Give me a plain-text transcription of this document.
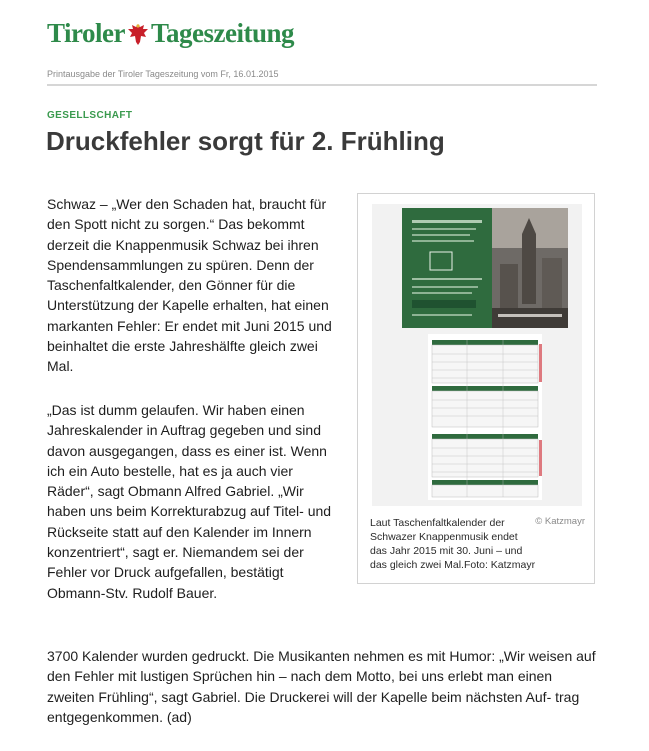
Tiroler Tageszeitung
Printausgabe der Tiroler Tageszeitung vom Fr, 16.01.2015
GESELLSCHAFT
Druckfehler sorgt für 2. Frühling

Schwaz – „Wer den Schaden hat, braucht für den Spott nicht zu sorgen.“ Das bekommt derzeit die Knappenmusik Schwaz bei ihren Spendensammlungen zu spüren. Denn der Taschenfaltkalender, den Gönner für die Unterstützung der Kapelle erhalten, hat einen markanten Fehler: Er endet mit Juni 2015 und beinhaltet die erste Jahreshälfte gleich zwei Mal.

„Das ist dumm gelaufen. Wir haben einen Jahreskalender in Auftrag gegeben und sind davon ausgegangen, dass es einer ist. Wenn ich ein Auto bestelle, hat es ja auch vier Räder“, sagt Obmann Alfred Gabriel. „Wir haben uns beim Korrekturabzug auf Titel- und Rückseite statt auf den Kalender im Innern konzentriert“, sagt er. Niemandem sei der Fehler vor Druck aufgefallen, bestätigt Obmann-Stv. Rudolf Bauer.

3700 Kalender wurden gedruckt. Die Musikanten nehmen es mit Humor: „Wir weisen auf den Fehler mit lustigen Sprüchen hin – nach dem Motto, bei uns erlebt man einen zweiten Frühling“, sagt Gabriel. Die Druckerei will der Kapelle beim nächsten Auf- trag entgegenkommen. (ad)

Laut Taschenfaltkalender der Schwazer Knappenmusik endet das Jahr 2015 mit 30. Juni – und das gleich zwei Mal.Foto: Katzmayr
© Katzmayr
